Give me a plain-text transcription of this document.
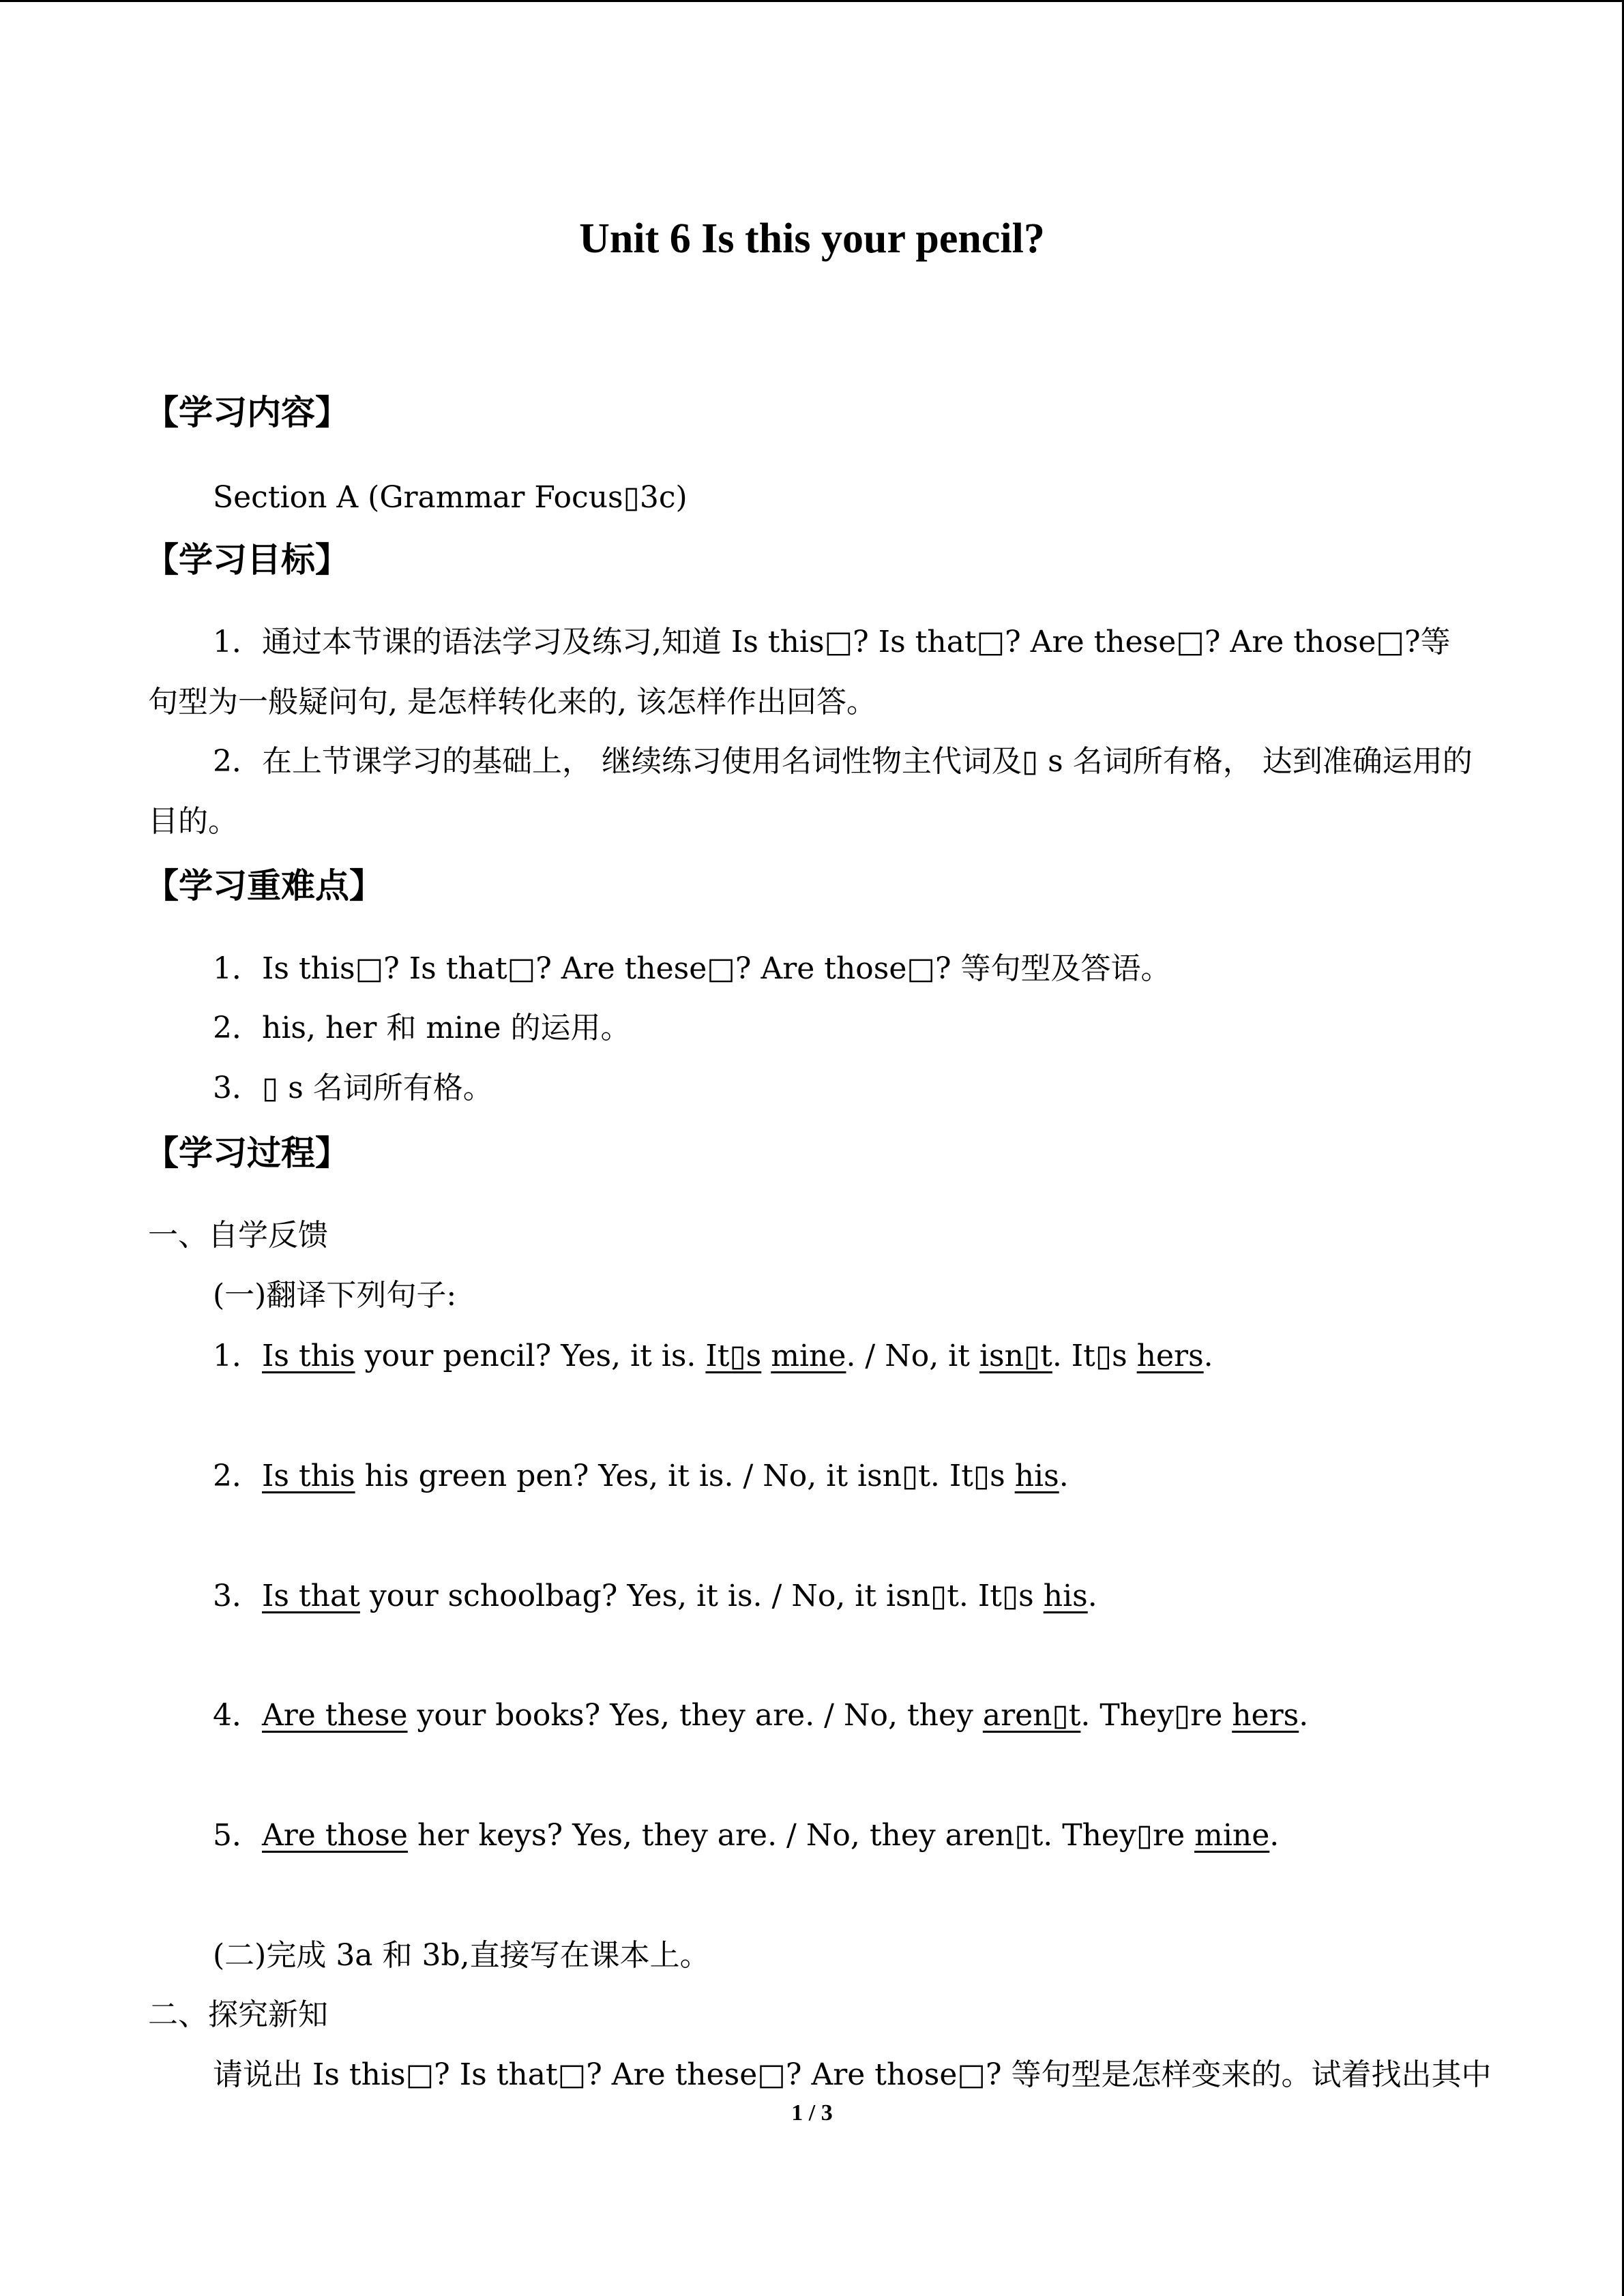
Unit 6 Is this your pencil?
【学习内容】
Section A (Grammar Focus▯3c)
【学习目标】
1．通过本节课的语法学习及练习,知道 Is this□? Is that□? Are these□? Are those□?等句型为一般疑问句, 是怎样转化来的, 该怎样作出回答。
2．在上节课学习的基础上， 继续练习使用名词性物主代词及▯ s 名词所有格， 达到准确运用的目的。
【学习重难点】
1．Is this□? Is that□? Are these□? Are those□? 等句型及答语。
2．his, her 和 mine 的运用。
3．▯ s 名词所有格。
【学习过程】
一、自学反馈
(一)翻译下列句子:
1．Is this your pencil? Yes, it is. It▯s mine. / No, it isn▯t. It▯s hers.
2．Is this his green pen? Yes, it is. / No, it isn▯t. It▯s his.
3．Is that your schoolbag? Yes, it is. / No, it isn▯t. It▯s his.
4．Are these your books? Yes, they are. / No, they aren▯t. They▯re hers.
5．Are those her keys? Yes, they are. / No, they aren▯t. They▯re mine.
(二)完成 3a 和 3b,直接写在课本上。
二、探究新知
请说出 Is this□? Is that□? Are these□? Are those□? 等句型是怎样变来的。试着找出其中
1 / 3
